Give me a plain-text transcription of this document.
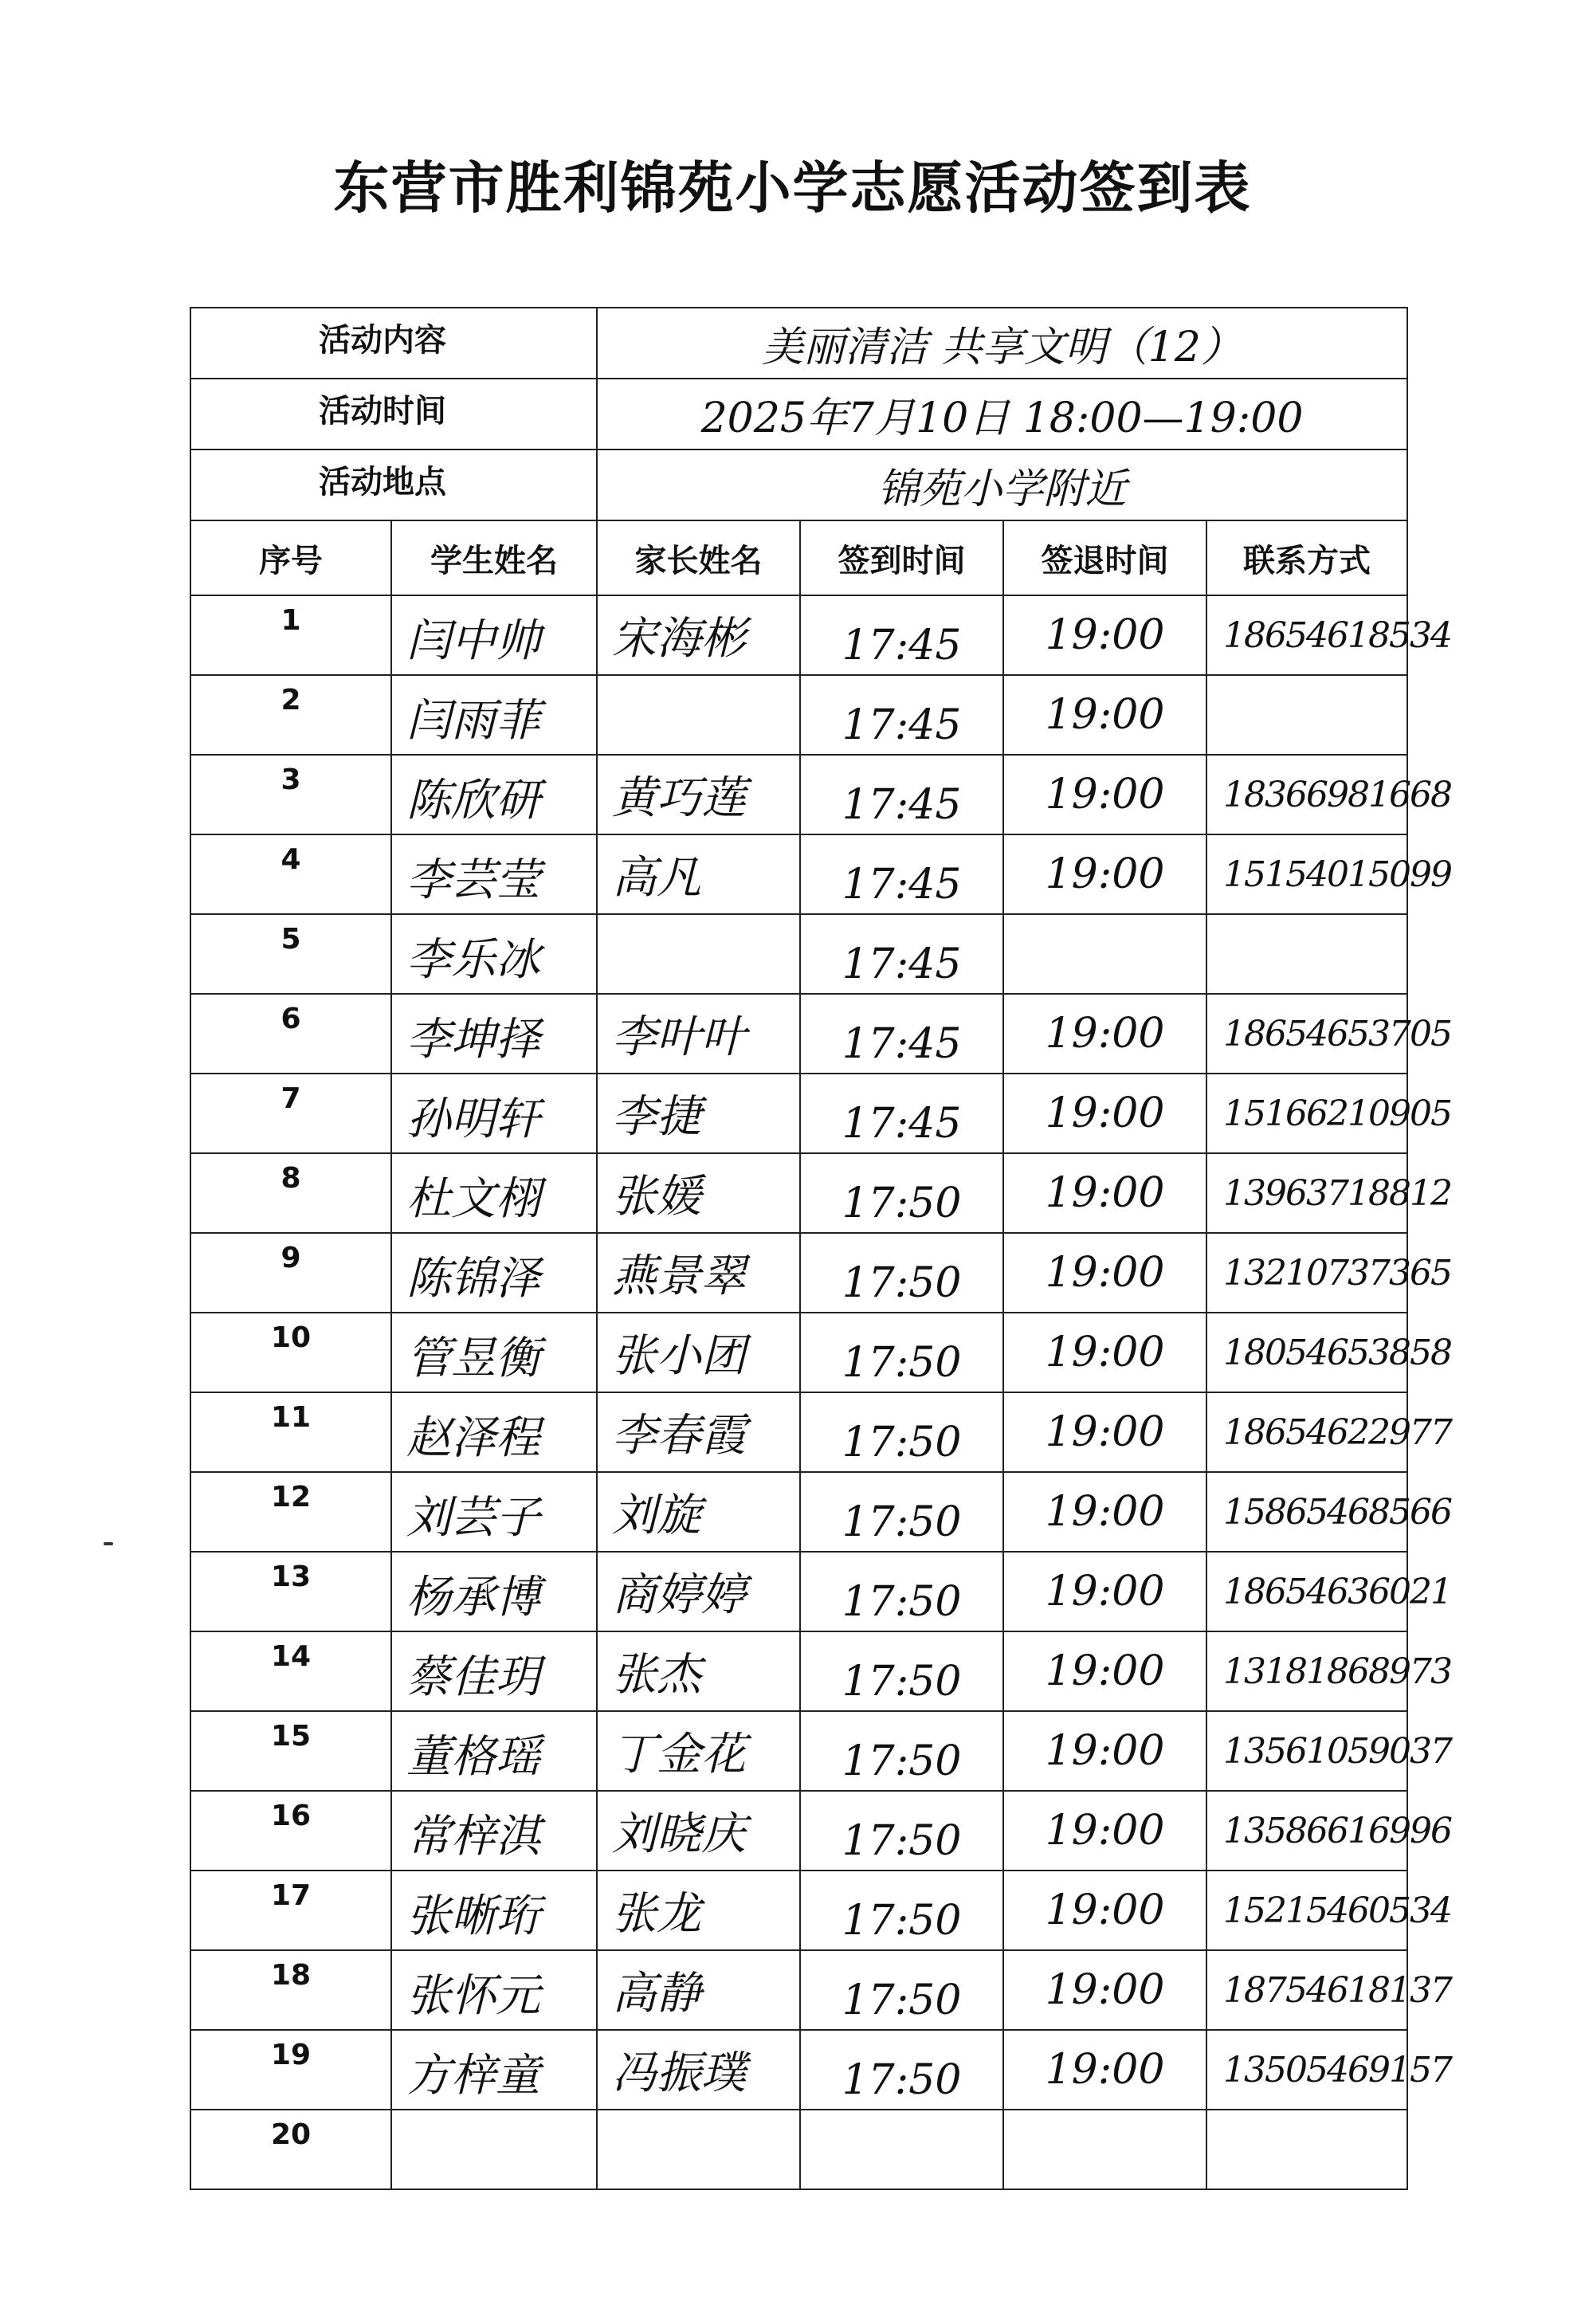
东营市胜利锦苑小学志愿活动签到表
活动内容		美丽清洁 共享文明（12）			

活动时间		2025年7月10日 18:00—19:00			

活动地点		锦苑小学附近			
序号	学生姓名	家长姓名	签到时间	签退时间	联系方式
1	闫中帅	宋海彬	17:45	19:00	18654618534
2	闫雨菲		17:45	19:00	
3	陈欣研	黄巧莲	17:45	19:00	18366981668
4	李芸莹	高凡	17:45	19:00	15154015099
5	李乐冰		17:45		
6	李坤择	李叶叶	17:45	19:00	18654653705
7	孙明轩	李捷	17:45	19:00	15166210905
8	杜文栩	张媛	17:50	19:00	13963718812
9	陈锦泽	燕景翠	17:50	19:00	13210737365
10	管昱衡	张小团	17:50	19:00	18054653858
11	赵泽程	李春霞	17:50	19:00	18654622977
12	刘芸子	刘旋	17:50	19:00	15865468566
13	杨承博	商婷婷	17:50	19:00	18654636021
14	蔡佳玥	张杰	17:50	19:00	13181868973
15	董格瑶	丁金花	17:50	19:00	13561059037
16	常梓淇	刘晓庆	17:50	19:00	13586616996
17	张晰珩	张龙	17:50	19:00	15215460534
18	张怀元	高静	17:50	19:00	18754618137
19	方梓童	冯振璞	17:50	19:00	13505469157
20					
